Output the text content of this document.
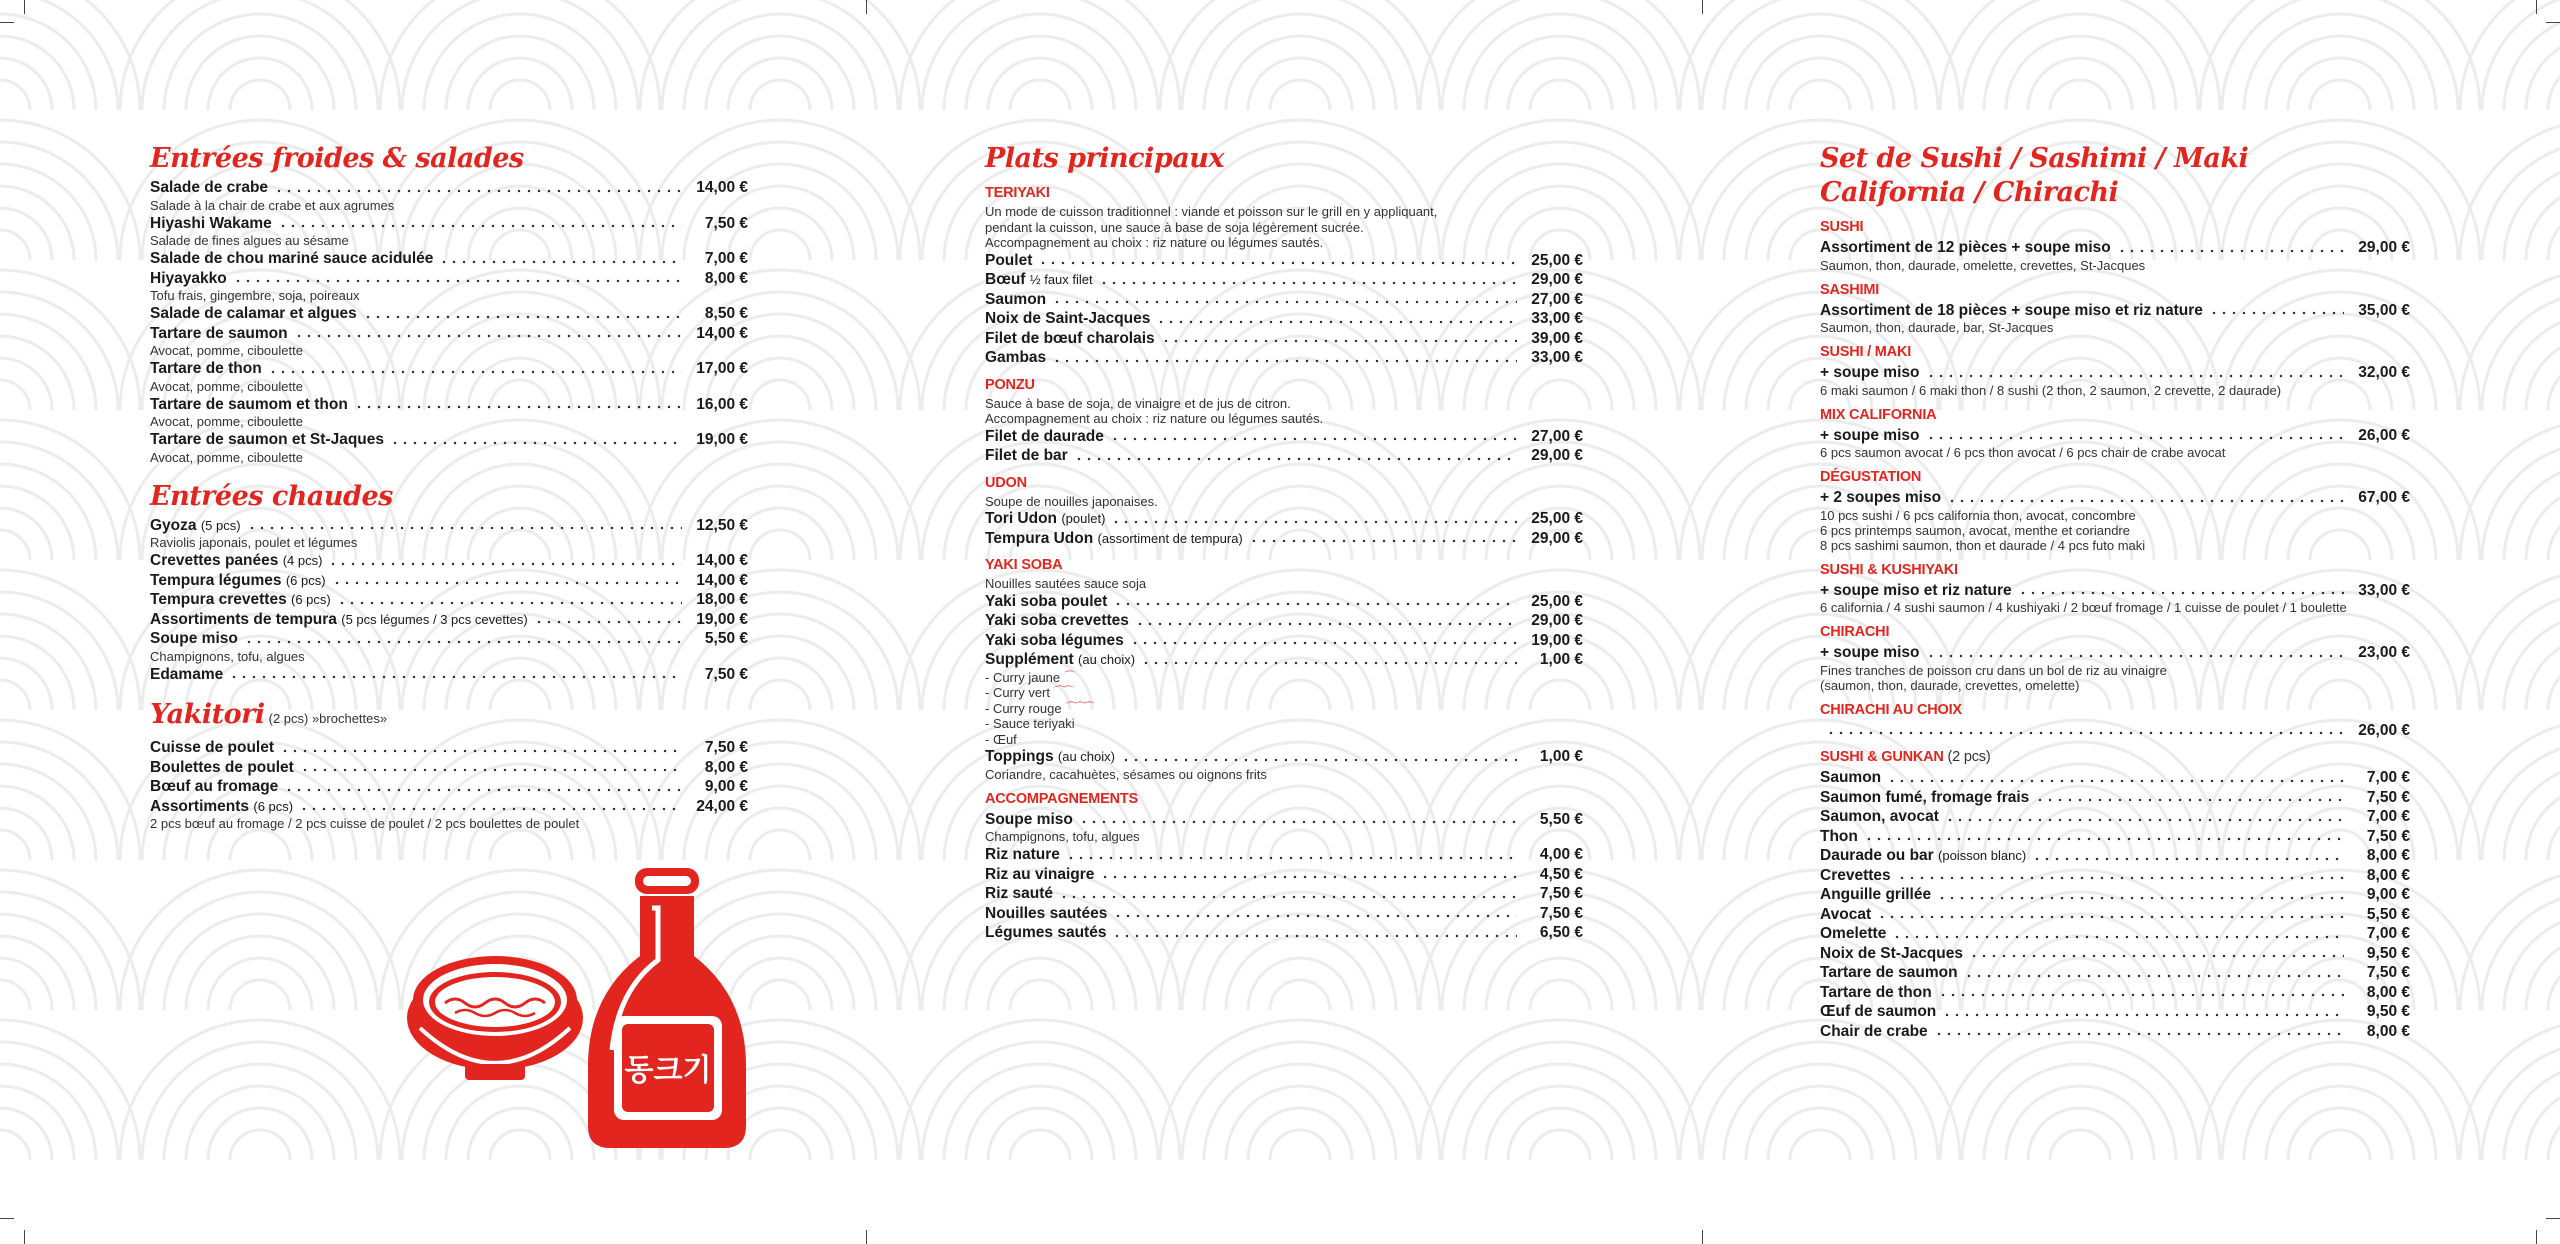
Entrées froides & salades
Salade de crabe	14,00 €
Salade à la chair de crabe et aux agrumes
Hiyashi Wakame	7,50 €
Salade de fines algues au sésame
Salade de chou mariné sauce acidulée	7,00 €
Hiyayakko	8,00 €
Tofu frais, gingembre, soja, poireaux
Salade de calamar et algues	8,50 €
Tartare de saumon	14,00 €
Avocat, pomme, ciboulette
Tartare de thon	17,00 €
Avocat, pomme, ciboulette
Tartare de saumom et thon	16,00 €
Avocat, pomme, ciboulette
Tartare de saumon et St-Jaques	19,00 €
Avocat, pomme, ciboulette
Entrées chaudes
Gyoza (5 pcs)	12,50 €
Raviolis japonais, poulet et légumes
Crevettes panées (4 pcs)	14,00 €
Tempura légumes (6 pcs)	14,00 €
Tempura crevettes (6 pcs)	18,00 €
Assortiments de tempura (5 pcs légumes / 3 pcs cevettes)	19,00 €
Soupe miso	5,50 €
Champignons, tofu, algues
Edamame	7,50 €
Yakitori (2 pcs) »brochettes»
Cuisse de poulet	7,50 €
Boulettes de poulet	8,00 €
Bœuf au fromage	9,00 €
Assortiments (6 pcs)	24,00 €
2 pcs bœuf au fromage / 2 pcs cuisse de poulet / 2 pcs boulettes de poulet
Plats principaux
TERIYAKI
Un mode de cuisson traditionnel : viande et poisson sur le grill en y appliquant,
pendant la cuisson, une sauce à base de soja légèrement sucrée.
Accompagnement au choix : riz nature ou légumes sautés.
Poulet	25,00 €
Bœuf ½ faux filet	29,00 €
Saumon	27,00 €
Noix de Saint-Jacques	33,00 €
Filet de bœuf charolais	39,00 €
Gambas	33,00 €
PONZU
Sauce à base de soja, de vinaigre et de jus de citron.
Accompagnement au choix : riz nature ou légumes sautés.
Filet de daurade	27,00 €
Filet de bar	29,00 €
UDON
Soupe de nouilles japonaises.
Tori Udon (poulet)	25,00 €
Tempura Udon (assortiment de tempura)	29,00 €
YAKI SOBA
Nouilles sautées sauce soja
Yaki soba poulet	25,00 €
Yaki soba crevettes	29,00 €
Yaki soba légumes	19,00 €
Supplément (au choix)	1,00 €
- Curry jaune ⌒
- Curry vert ⌒⌒
- Curry rouge ⌒⌒⌒
- Sauce teriyaki
- Œuf
Toppings (au choix)	1,00 €
Coriandre, cacahuètes, sésames ou oignons frits
ACCOMPAGNEMENTS
Soupe miso	5,50 €
Champignons, tofu, algues
Riz nature	4,00 €
Riz au vinaigre	4,50 €
Riz sauté	7,50 €
Nouilles sautées	7,50 €
Légumes sautés	6,50 €
Set de Sushi / Sashimi / Maki
California / Chirachi
SUSHI
Assortiment de 12 pièces + soupe miso	29,00 €
Saumon, thon, daurade, omelette, crevettes, St-Jacques
SASHIMI
Assortiment de 18 pièces + soupe miso et riz nature	35,00 €
Saumon, thon, daurade, bar, St-Jacques
SUSHI / MAKI
+ soupe miso	32,00 €
6 maki saumon / 6 maki thon / 8 sushi (2 thon, 2 saumon, 2 crevette, 2 daurade)
MIX CALIFORNIA
+ soupe miso	26,00 €
6 pcs saumon avocat / 6 pcs thon avocat / 6 pcs chair de crabe avocat
DÉGUSTATION
+ 2 soupes miso	67,00 €
10 pcs sushi / 6 pcs california thon, avocat, concombre
6 pcs printemps saumon, avocat, menthe et coriandre
8 pcs sashimi saumon, thon et daurade / 4 pcs futo maki
SUSHI & KUSHIYAKI
+ soupe miso et riz nature	33,00 €
6 california / 4 sushi saumon / 4 kushiyaki / 2 bœuf fromage / 1 cuisse de poulet / 1 boulette
CHIRACHI
+ soupe miso	23,00 €
Fines tranches de poisson cru dans un bol de riz au vinaigre
(saumon, thon, daurade, crevettes, omelette)
CHIRACHI AU CHOIX
26,00 €
SUSHI & GUNKAN (2 pcs)
Saumon	7,00 €
Saumon fumé, fromage frais	7,50 €
Saumon, avocat	7,00 €
Thon	7,50 €
Daurade ou bar (poisson blanc)	8,00 €
Crevettes	8,00 €
Anguille grillée	9,00 €
Avocat	5,50 €
Omelette	7,00 €
Noix de St-Jacques	9,50 €
Tartare de saumon	7,50 €
Tartare de thon	8,00 €
Œuf de saumon	9,50 €
Chair de crabe	8,00 €
동크기
